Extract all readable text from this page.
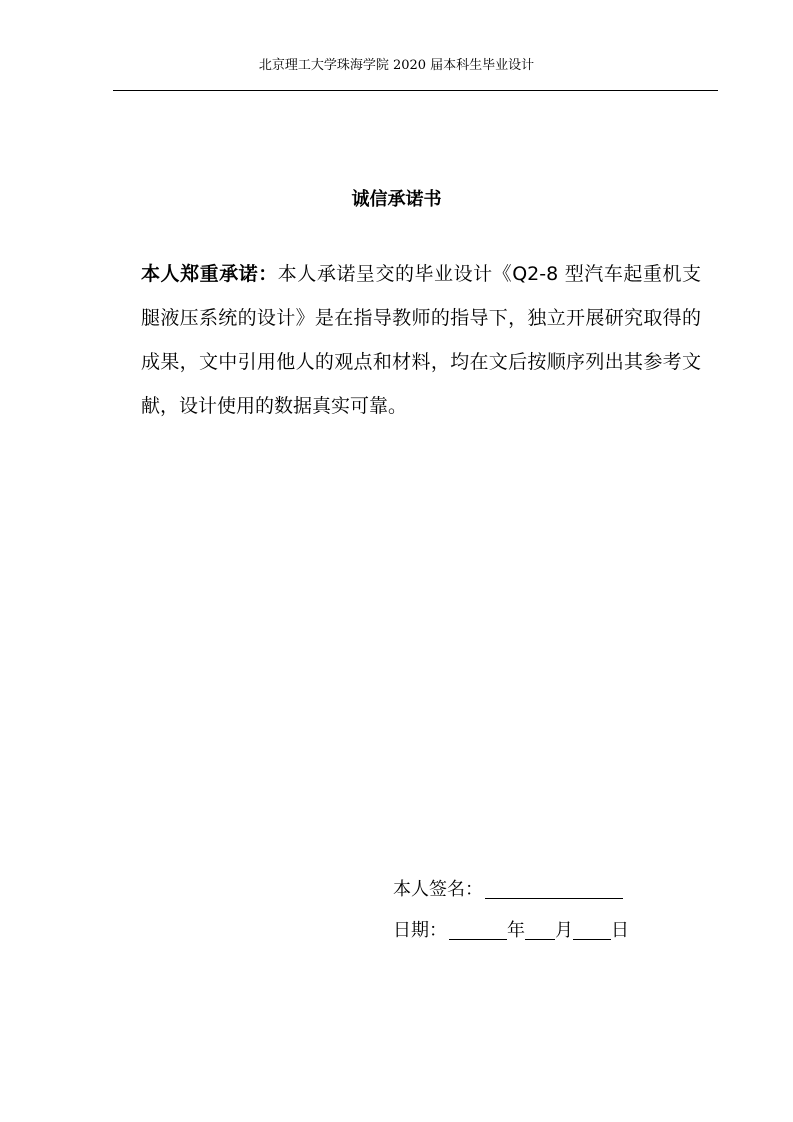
北京理工大学珠海学院 2020 届本科生毕业设计
诚信承诺书
本人郑重承诺：本人承诺呈交的毕业设计《Q2-8 型汽车起重机支腿液压系统的设计》是在指导教师的指导下，独立开展研究取得的成果，文中引用他人的观点和材料，均在文后按顺序列出其参考文献，设计使用的数据真实可靠。
本人签名：
日期：	年 月 日
